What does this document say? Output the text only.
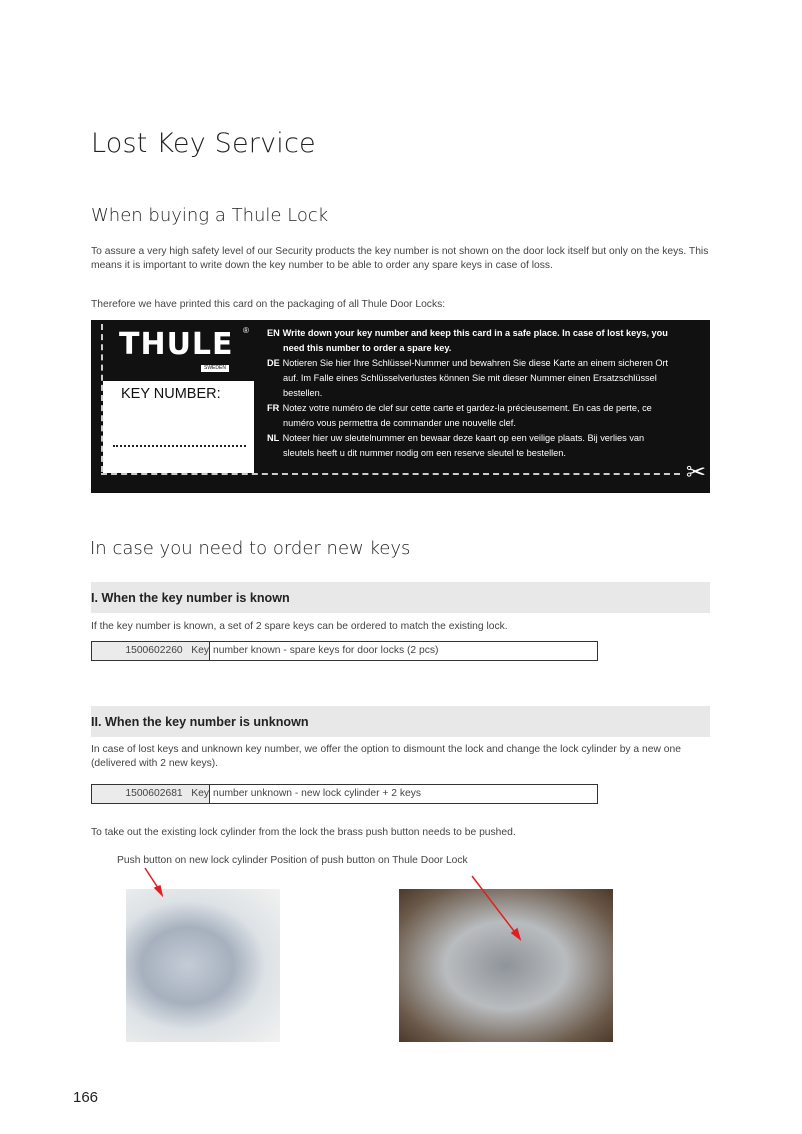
Lost Key Service
When buying a Thule Lock

To assure a very high safety level of our Security products the key number is not shown on the door lock itself but only on the keys. This means it is important to write down the key number to be able to order any spare keys in case of loss.

Therefore we have printed this card on the packaging of all Thule Door Locks:

THULE
SWEDEN
®
KEY NUMBER:
EN Write down your key number and keep this card in a safe place. In case of lost keys, you need this number to order a spare key.
DE Notieren Sie hier Ihre Schlüssel-Nummer und bewahren Sie diese Karte an einem sicheren Ort auf. Im Falle eines Schlüsselverlustes können Sie mit dieser Nummer einen Ersatzschlüssel bestellen.
FR Notez votre numéro de clef sur cette carte et gardez-la précieusement. En cas de perte, ce numéro vous permettra de commander une nouvelle clef.
NL Noteer hier uw sleutelnummer en bewaar deze kaart op een veilige plaats. Bij verlies van sleutels heeft u dit nummer nodig om een reserve sleutel te bestellen.
✂
In case you need to order new keys
I. When the key number is known

If the key number is known, a set of 2 spare keys can be ordered to match the existing lock.

1500602260 Key number known - spare keys for door locks (2 pcs)
II. When the key number is unknown

In case of lost keys and unknown key number, we offer the option to dismount the lock and change the lock cylinder by a new one (delivered with 2 new keys).

1500602681 Key number unknown - new lock cylinder + 2 keys

To take out the existing lock cylinder from the lock the brass push button needs to be pushed.

Push button on new lock cylinder Position of push button on Thule Door Lock

166
